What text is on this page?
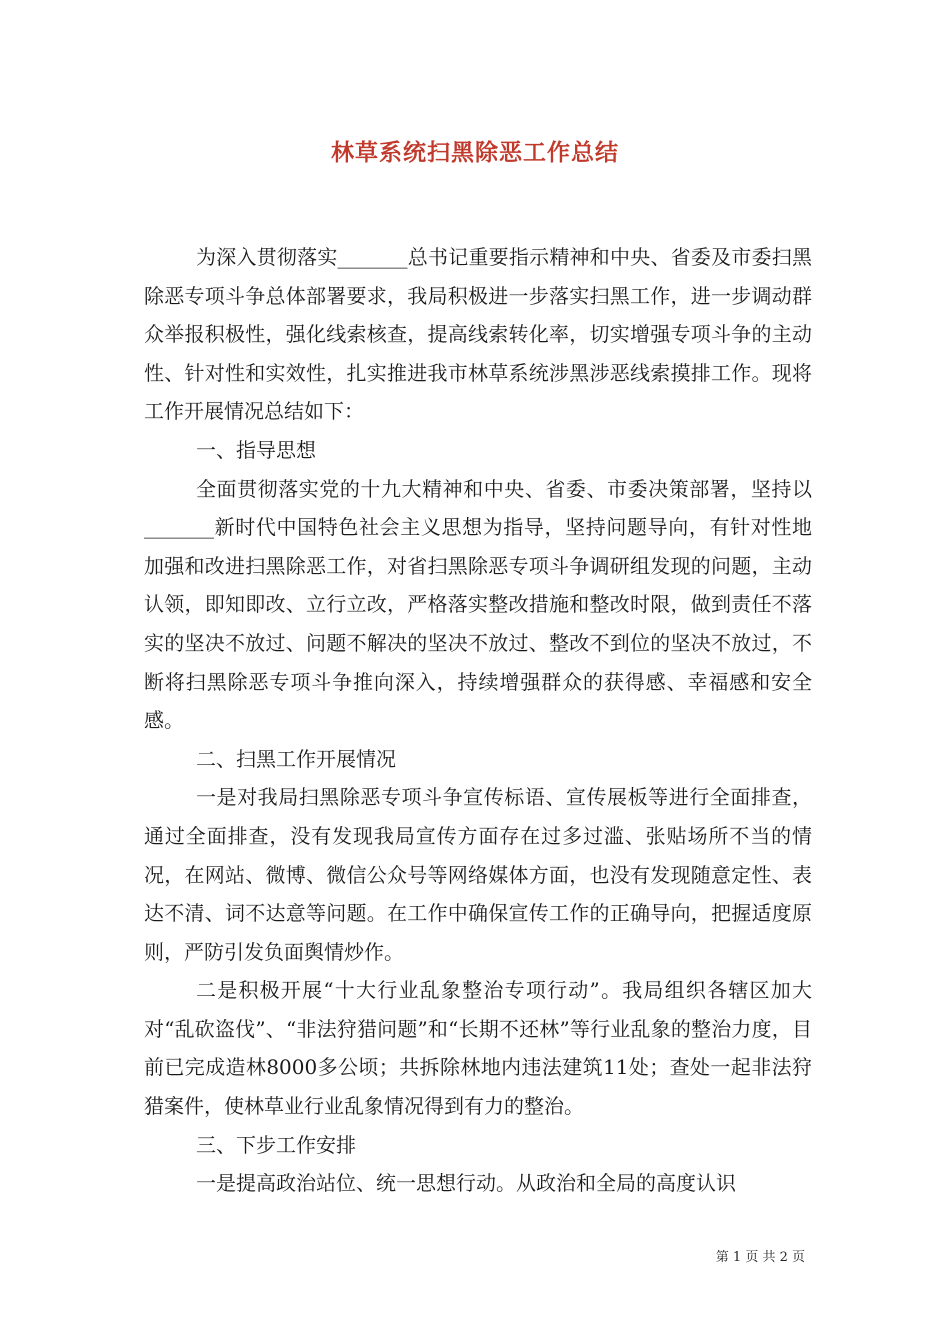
林草系统扫黑除恶工作总结

为深入贯彻落实_______总书记重要指示精神和中央、省委及市委扫黑除恶专项斗争总体部署要求，我局积极进一步落实扫黑工作，进一步调动群众举报积极性，强化线索核查，提高线索转化率，切实增强专项斗争的主动性、针对性和实效性，扎实推进我市林草系统涉黑涉恶线索摸排工作。现将工作开展情况总结如下：

一、指导思想

全面贯彻落实党的十九大精神和中央、省委、市委决策部署，坚持以_______新时代中国特色社会主义思想为指导，坚持问题导向，有针对性地加强和改进扫黑除恶工作，对省扫黑除恶专项斗争调研组发现的问题，主动认领，即知即改、立行立改，严格落实整改措施和整改时限，做到责任不落实的坚决不放过、问题不解决的坚决不放过、整改不到位的坚决不放过，不断将扫黑除恶专项斗争推向深入，持续增强群众的获得感、幸福感和安全感。

二、扫黑工作开展情况

一是对我局扫黑除恶专项斗争宣传标语、宣传展板等进行全面排查，通过全面排查，没有发现我局宣传方面存在过多过滥、张贴场所不当的情况，在网站、微博、微信公众号等网络媒体方面，也没有发现随意定性、表达不清、词不达意等问题。在工作中确保宣传工作的正确导向，把握适度原则，严防引发负面舆情炒作。

二是积极开展“十大行业乱象整治专项行动”。我局组织各辖区加大对“乱砍盗伐”、“非法狩猎问题”和“长期不还林”等行业乱象的整治力度，目前已完成造林8000多公顷；共拆除林地内违法建筑11处；查处一起非法狩猎案件，使林草业行业乱象情况得到有力的整治。

三、下步工作安排

一是提高政治站位、统一思想行动。从政治和全局的高度认识

第 1 页 共 2 页
